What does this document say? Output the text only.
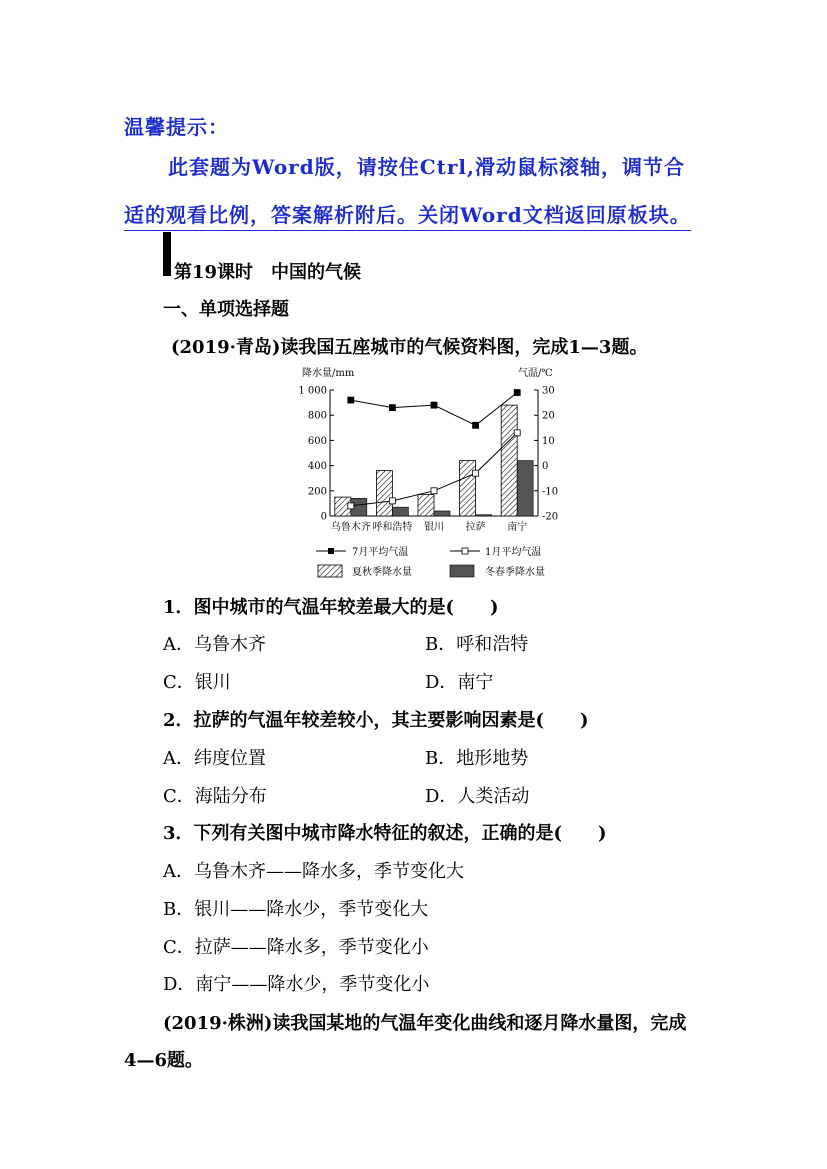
温馨提示：
此套题为Word版，请按住Ctrl,滑动鼠标滚轴，调节合
适的观看比例，答案解析附后。关闭Word文档返回原板块。
第19课时　中国的气候
一、单项选择题
(2019·青岛)读我国五座城市的气候资料图，完成1—3题。
降水量/mm	气温/℃
0
200
400
600
800
1 000
-20
-10
0
10
20
30
乌鲁木齐 呼和浩特 银川 拉萨 南宁
7月平均气温	1月平均气温
夏秋季降水量	冬春季降水量
1．图中城市的气温年较差最大的是(　　)
A．乌鲁木齐	B．呼和浩特
C．银川	D．南宁
2．拉萨的气温年较差较小，其主要影响因素是(　　)
A．纬度位置	B．地形地势
C．海陆分布	D．人类活动
3．下列有关图中城市降水特征的叙述，正确的是(　　)
A．乌鲁木齐——降水多，季节变化大
B．银川——降水少，季节变化大
C．拉萨——降水多，季节变化小
D．南宁——降水少，季节变化小
(2019·株洲)读我国某地的气温年变化曲线和逐月降水量图，完成
4—6题。
